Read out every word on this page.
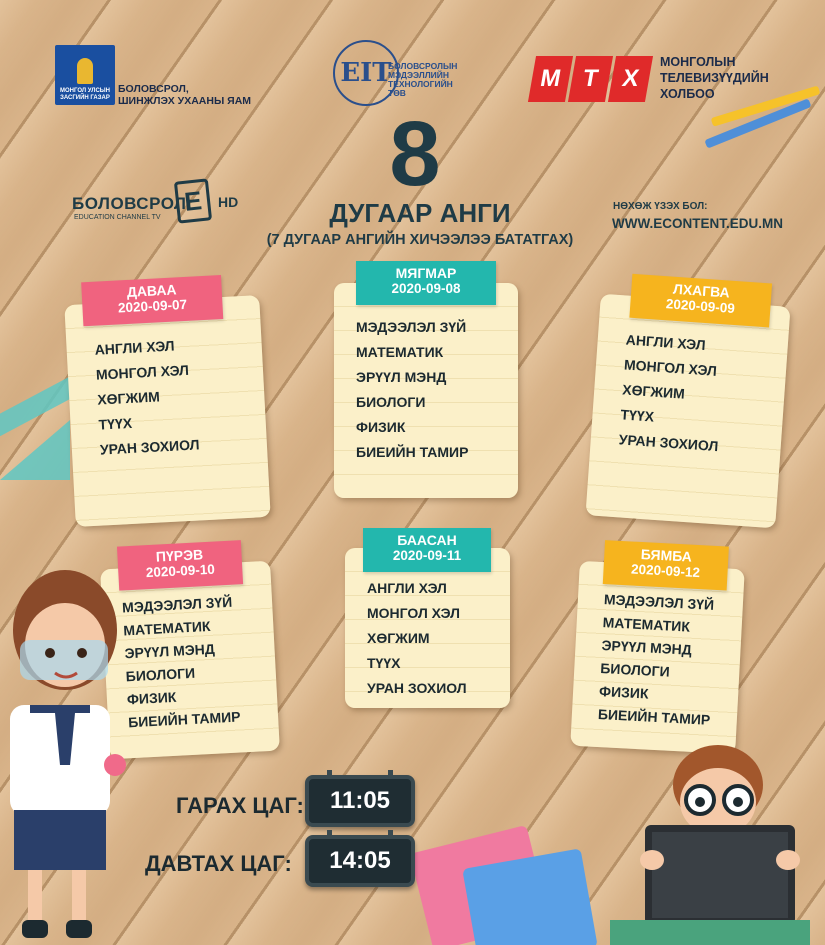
МОНГОЛ УЛСЫН ЗАСГИЙН ГАЗАР
БОЛОВСРОЛ,
ШИНЖЛЭХ УХААНЫ ЯАМ
EIT
БОЛОВСРОЛЫН
МЭДЭЭЛЛИЙН
ТЕХНОЛОГИЙН
ТӨВ
М Т Х
МОНГОЛЫН
ТЕЛЕВИЗҮҮДИЙН
ХОЛБОО
БОЛОВСРОЛ
EDUCATION CHANNEL TV
E	HD 8
ДУГААР АНГИ
(7 ДУГААР АНГИЙН ХИЧЭЭЛЭЭ БАТАТГАХ)
НӨХӨЖ ҮЗЭХ БОЛ:
WWW.ECONTENT.EDU.MN
ДАВАА
2020-09-07
АНГЛИ ХЭЛ
МОНГОЛ ХЭЛ
ХӨГЖИМ
ТҮҮХ
УРАН ЗОХИОЛ
МЯГМАР
2020-09-08
МЭДЭЭЛЭЛ ЗҮЙ
МАТЕМАТИК
ЭРҮҮЛ МЭНД
БИОЛОГИ
ФИЗИК
БИЕИЙН ТАМИР
ЛХАГВА
2020-09-09
АНГЛИ ХЭЛ
МОНГОЛ ХЭЛ
ХӨГЖИМ
ТҮҮХ
УРАН ЗОХИОЛ
ПҮРЭВ
2020-09-10
МЭДЭЭЛЭЛ ЗҮЙ
МАТЕМАТИК
ЭРҮҮЛ МЭНД
БИОЛОГИ
ФИЗИК
БИЕИЙН ТАМИР
БААСАН
2020-09-11
АНГЛИ ХЭЛ
МОНГОЛ ХЭЛ
ХӨГЖИМ
ТҮҮХ
УРАН ЗОХИОЛ
БЯМБА
2020-09-12
МЭДЭЭЛЭЛ ЗҮЙ
МАТЕМАТИК
ЭРҮҮЛ МЭНД
БИОЛОГИ
ФИЗИК
БИЕИЙН ТАМИР
ГАРАХ ЦАГ:	11:05
ДАВТАХ ЦАГ:	14:05
